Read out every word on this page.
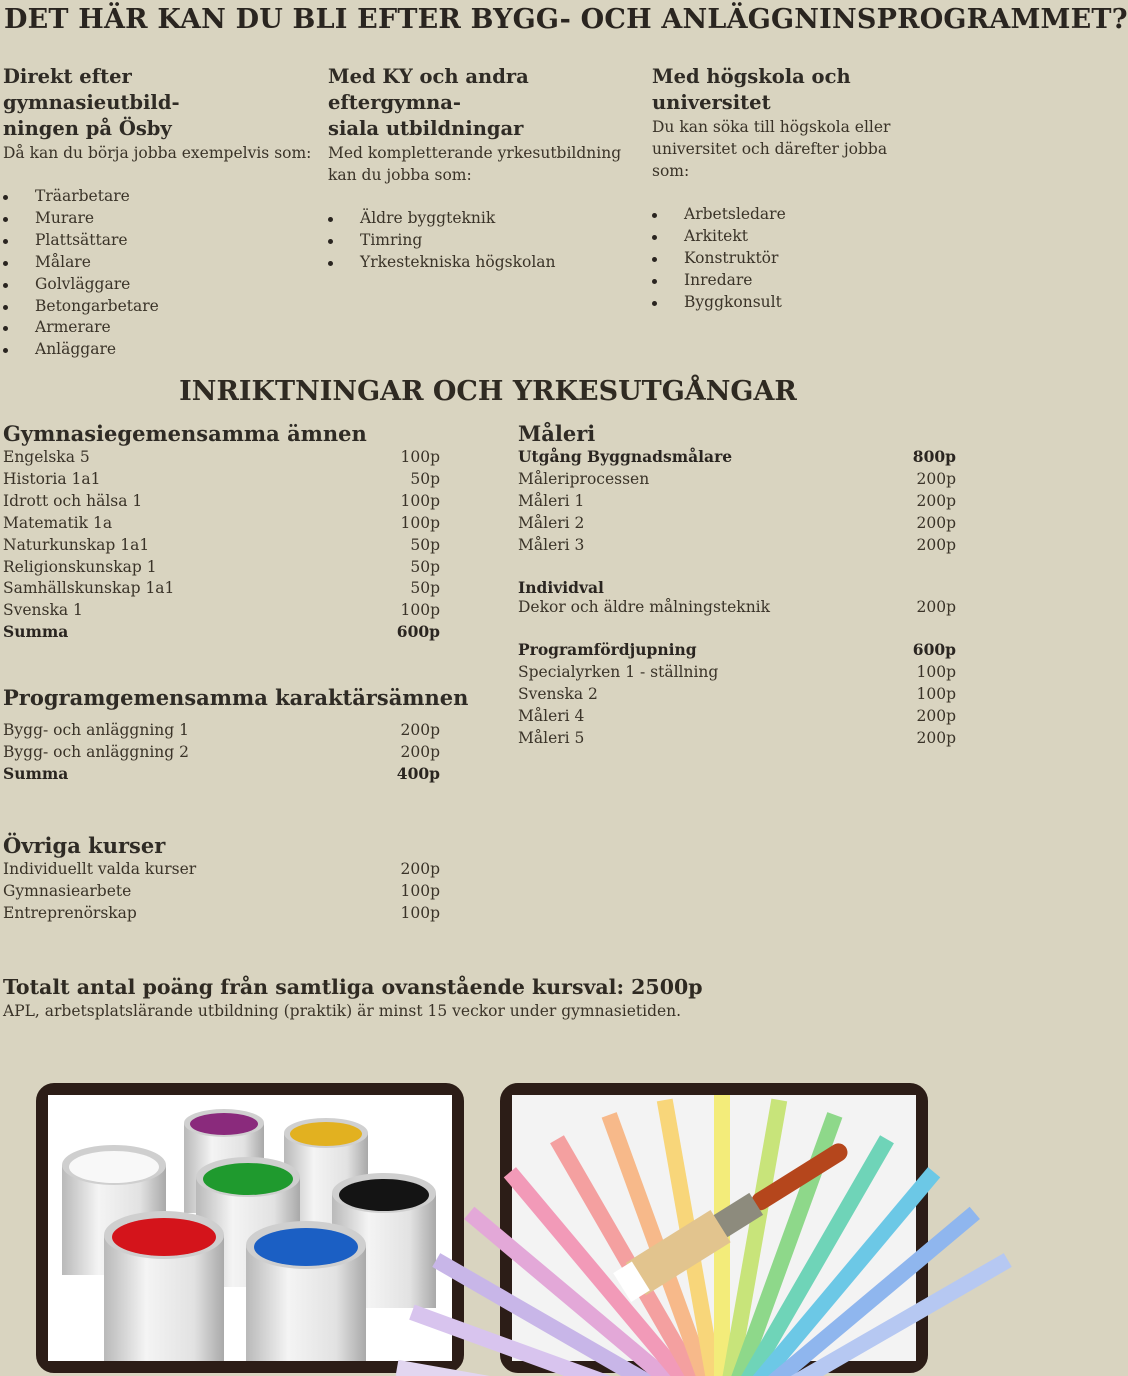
DET HÄR KAN DU BLI EFTER BYGG- OCH ANLÄGGNINSPROGRAMMET?
Direkt efter gymnasieutbild-
ningen på Ösby

Då kan du börja jobba exempelvis som:

Träarbetare
Murare
Plattsättare
Målare
Golvläggare
Betongarbetare
Armerare
Anläggare
Med KY och andra eftergymna-
siala utbildningar

Med kompletterande yrkesutbildning
kan du jobba som:

Äldre byggteknik
Timring
Yrkestekniska högskolan
Med högskola och universitet

Du kan söka till högskola eller
universitet och därefter jobba
som:

Arbetsledare
Arkitekt
Konstruktör
Inredare
Byggkonsult
INRIKTNINGAR OCH YRKESUTGÅNGAR
Gymnasiegemensamma ämnen
Engelska 5	100p
Historia 1a1	50p
Idrott och hälsa 1	100p
Matematik 1a	100p
Naturkunskap 1a1	50p
Religionskunskap 1	50p
Samhällskunskap 1a1	50p
Svenska 1	100p
Summa	600p
Programgemensamma karaktärsämnen
Bygg- och anläggning 1	200p
Bygg- och anläggning 2	200p
Summa	400p
Övriga kurser
Individuellt valda kurser	200p
Gymnasiearbete	100p
Entreprenörskap	100p
Måleri
Utgång Byggnadsmålare	800p
Måleriprocessen	200p
Måleri 1	200p
Måleri 2	200p
Måleri 3	200p
Individval
Dekor och äldre målningsteknik	200p
Programfördjupning	600p
Specialyrken 1 - ställning	100p
Svenska 2	100p
Måleri 4	200p
Måleri 5	200p
Totalt antal poäng från samtliga ovanstående kursval: 2500p
APL, arbetsplatslärande utbildning (praktik) är minst 15 veckor under gymnasietiden.
